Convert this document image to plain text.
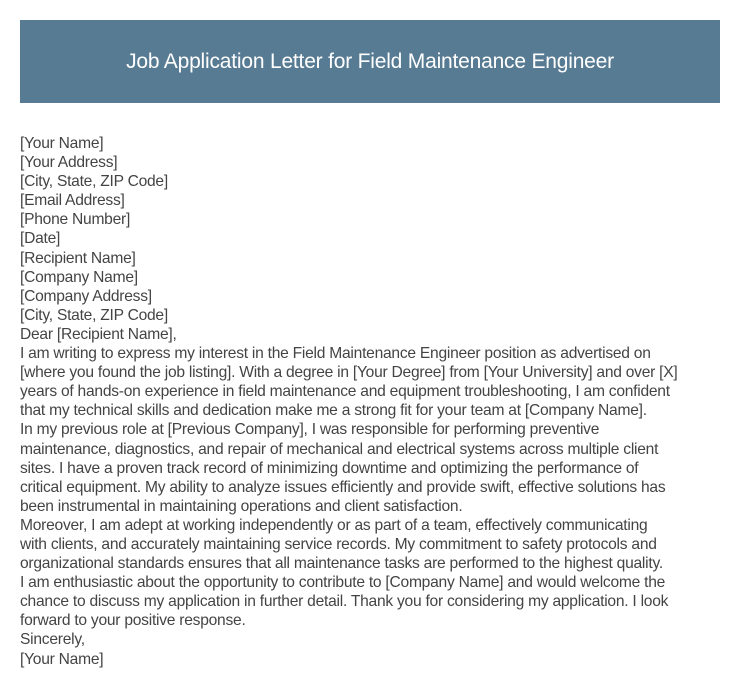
Job Application Letter for Field Maintenance Engineer
[Your Name]
[Your Address]
[City, State, ZIP Code]
[Email Address]
[Phone Number]
[Date]
[Recipient Name]
[Company Name]
[Company Address]
[City, State, ZIP Code]
Dear [Recipient Name],

I am writing to express my interest in the Field Maintenance Engineer position as advertised on
[where you found the job listing]. With a degree in [Your Degree] from [Your University] and over [X]
years of hands-on experience in field maintenance and equipment troubleshooting, I am confident
that my technical skills and dedication make me a strong fit for your team at [Company Name].

In my previous role at [Previous Company], I was responsible for performing preventive
maintenance, diagnostics, and repair of mechanical and electrical systems across multiple client
sites. I have a proven track record of minimizing downtime and optimizing the performance of
critical equipment. My ability to analyze issues efficiently and provide swift, effective solutions has
been instrumental in maintaining operations and client satisfaction.

Moreover, I am adept at working independently or as part of a team, effectively communicating
with clients, and accurately maintaining service records. My commitment to safety protocols and
organizational standards ensures that all maintenance tasks are performed to the highest quality.

I am enthusiastic about the opportunity to contribute to [Company Name] and would welcome the
chance to discuss my application in further detail. Thank you for considering my application. I look
forward to your positive response.

Sincerely,
[Your Name]
